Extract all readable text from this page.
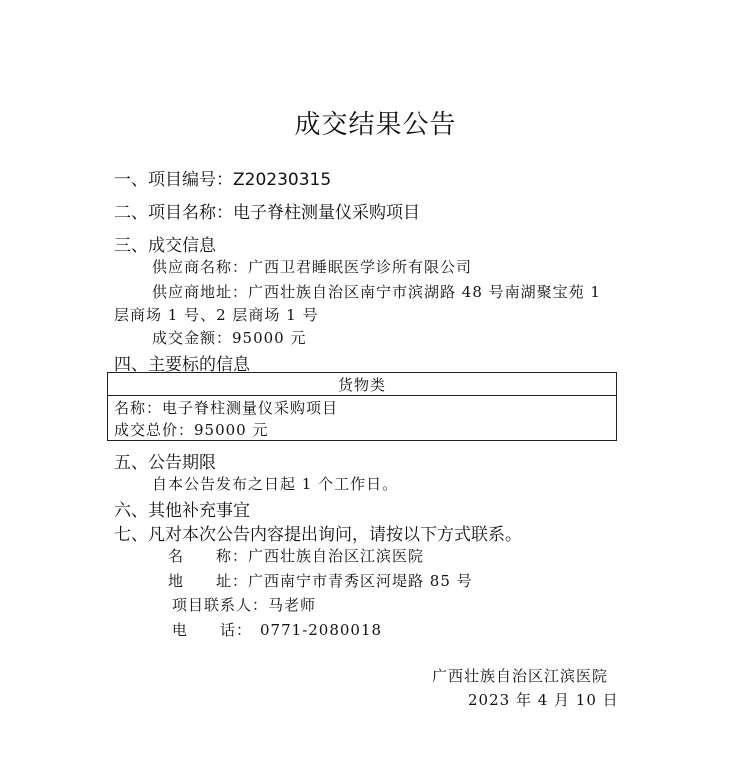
成交结果公告
一、项目编号：Z20230315
二、项目名称：电子脊柱测量仪采购项目
三、成交信息
供应商名称：广西卫君睡眠医学诊所有限公司
供应商地址：广西壮族自治区南宁市滨湖路 48 号南湖聚宝苑 1
层商场 1 号、2 层商场 1 号
成交金额：95000 元
四、主要标的信息
货物类
名称：电子脊柱测量仪采购项目
成交总价：95000 元
五、公告期限
自本公告发布之日起 1 个工作日。
六、其他补充事宜
七、凡对本次公告内容提出询问，请按以下方式联系。
名　　称：广西壮族自治区江滨医院
地　　址：广西南宁市青秀区河堤路 85 号
项目联系人：马老师
电　　话： 0771-2080018
广西壮族自治区江滨医院
2023 年 4 月 10 日
